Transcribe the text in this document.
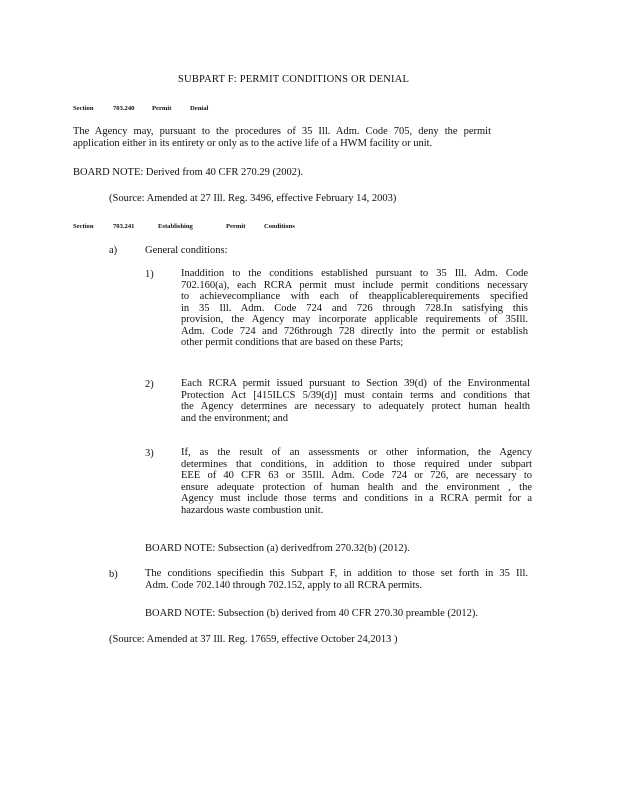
SUBPART F: PERMIT CONDITIONS OR DENIAL
Section	703.240	Permit	Denial
The Agency may, pursuant to the procedures of 35 Ill. Adm. Code 705, deny the permit
application either in its entirety or only as to the active life of a HWM facility or unit.
BOARD NOTE: Derived from 40 CFR 270.29 (2002).
(Source: Amended at 27 Ill. Reg. 3496, effective February 14, 2003)
Section	703.241	Establishing	Permit	Conditions
a)	General conditions:
1)	Inaddition to the conditions established pursuant to 35 Ill. Adm. Code
702.160(a), each RCRA permit must include permit conditions necessary
to achievecompliance with each of theapplicablerequirements specified
in 35 Ill. Adm. Code 724 and 726 through 728.In satisfying this
provision, the Agency may incorporate applicable requirements of 35Ill.
Adm. Code 724 and 726through 728 directly into the permit or establish
other permit conditions that are based on these Parts;
2)	Each RCRA permit issued pursuant to Section 39(d) of the Environmental
Protection Act [415ILCS 5/39(d)] must contain terms and conditions that
the Agency determines are necessary to adequately protect human health
and the environment; and
3)	If, as the result of an assessments or other information, the Agency
determines that conditions, in addition to those required under subpart
EEE of 40 CFR 63 or 35Ill. Adm. Code 724 or 726, are necessary to
ensure adequate protection of human health and the environment , the
Agency must include those terms and conditions in a RCRA permit for a
hazardous waste combustion unit.
BOARD NOTE: Subsection (a) derivedfrom 270.32(b) (2012).
b)	The conditions specifiedin this Subpart F, in addition to those set forth in 35 Ill.
Adm. Code 702.140 through 702.152, apply to all RCRA permits.
BOARD NOTE: Subsection (b) derived from 40 CFR 270.30 preamble (2012).
(Source: Amended at 37 Ill. Reg. 17659, effective October 24,2013 )
